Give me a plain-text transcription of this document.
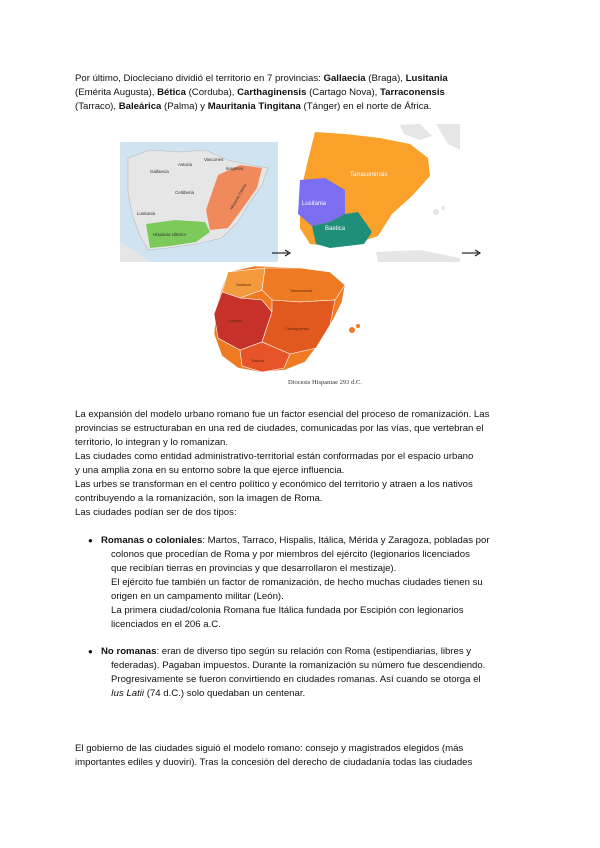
Por último, Diocleciano dividió el territorio en 7 provincias: Gallaecia (Braga), Lusitania
(Emérita Augusta), Bética (Corduba), Carthaginensis (Cartago Nova), Tarraconensis
(Tarraco), Baleárica (Palma) y Mauritania Tingitana (Tánger) en el norte de África.
Asturia
Vascones
Ilergetes
Gallaecia
Celtiberia
Lusitania
Hispania Citerior
Hispania Ulterior
Tarraconensis
Lusitania
Baetica
Gallaecia
Tarraconensis
Lusitania
Carthaginensis
Baetica
Diocesis Hispaniae 293 d.C.
La expansión del modelo urbano romano fue un factor esencial del proceso de romanización. Las
provincias se estructuraban en una red de ciudades, comunicadas por las vías, que vertebran el
territorio, lo integran y lo romanizan.
Las ciudades como entidad administrativo-territorial están conformadas por el espacio urbano
y una amplia zona en su entorno sobre la que ejerce influencia.
Las urbes se transforman en el centro político y económico del territorio y atraen a los nativos
contribuyendo a la romanización, son la imagen de Roma.
Las ciudades podían ser de dos tipos:
● Romanas o coloniales: Martos, Tarraco, Hispalis, Itálica, Mérida y Zaragoza, pobladas por
colonos que procedían de Roma y por miembros del ejército (legionarios licenciados
que recibían tierras en provincias y que desarrollaron el mestizaje).
El ejército fue también un factor de romanización, de hecho muchas ciudades tienen su
origen en un campamento militar (León).
La primera ciudad/colonia Romana fue Itálica fundada por Escipión con legionarios
licenciados en el 206 a.C.
● No romanas: eran de diverso tipo según su relación con Roma (estipendiarias, libres y
federadas). Pagaban impuestos. Durante la romanización su número fue descendiendo.
Progresivamente se fueron convirtiendo en ciudades romanas. Así cuando se otorga el
Ius Latii (74 d.C.) solo quedaban un centenar.
El gobierno de las ciudades siguió el modelo romano: consejo y magistrados elegidos (más
importantes ediles y duoviri). Tras la concesión del derecho de ciudadanía todas las ciudades
